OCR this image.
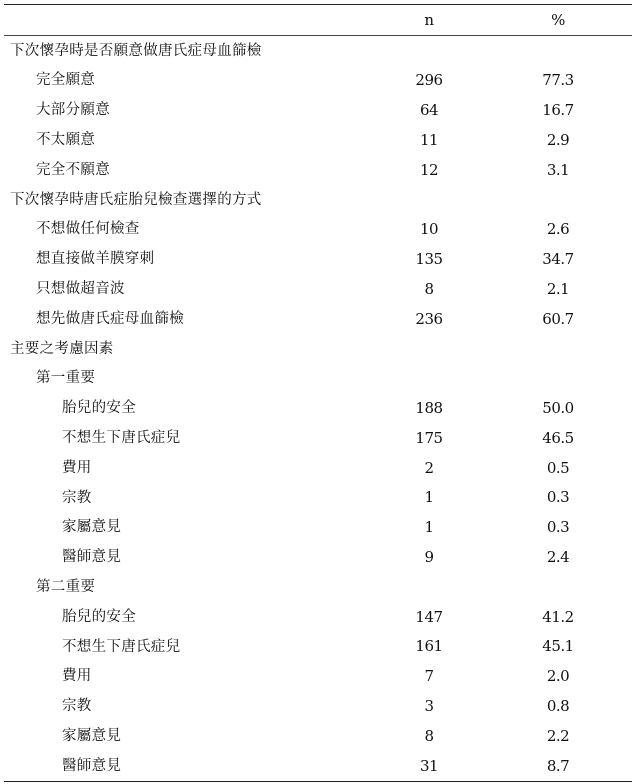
n	%
下次懷孕時是否願意做唐氏症母血篩檢
完全願意	296	77.3
大部分願意	64	16.7
不太願意	11	2.9
完全不願意	12	3.1
下次懷孕時唐氏症胎兒檢查選擇的方式
不想做任何檢查	10	2.6
想直接做羊膜穿刺	135	34.7
只想做超音波	8	2.1
想先做唐氏症母血篩檢	236	60.7
主要之考慮因素
第一重要
胎兒的安全	188	50.0
不想生下唐氏症兒	175	46.5
費用	2	0.5
宗教	1	0.3
家屬意見	1	0.3
醫師意見	9	2.4
第二重要
胎兒的安全	147	41.2
不想生下唐氏症兒	161	45.1
費用	7	2.0
宗教	3	0.8
家屬意見	8	2.2
醫師意見	31	8.7
